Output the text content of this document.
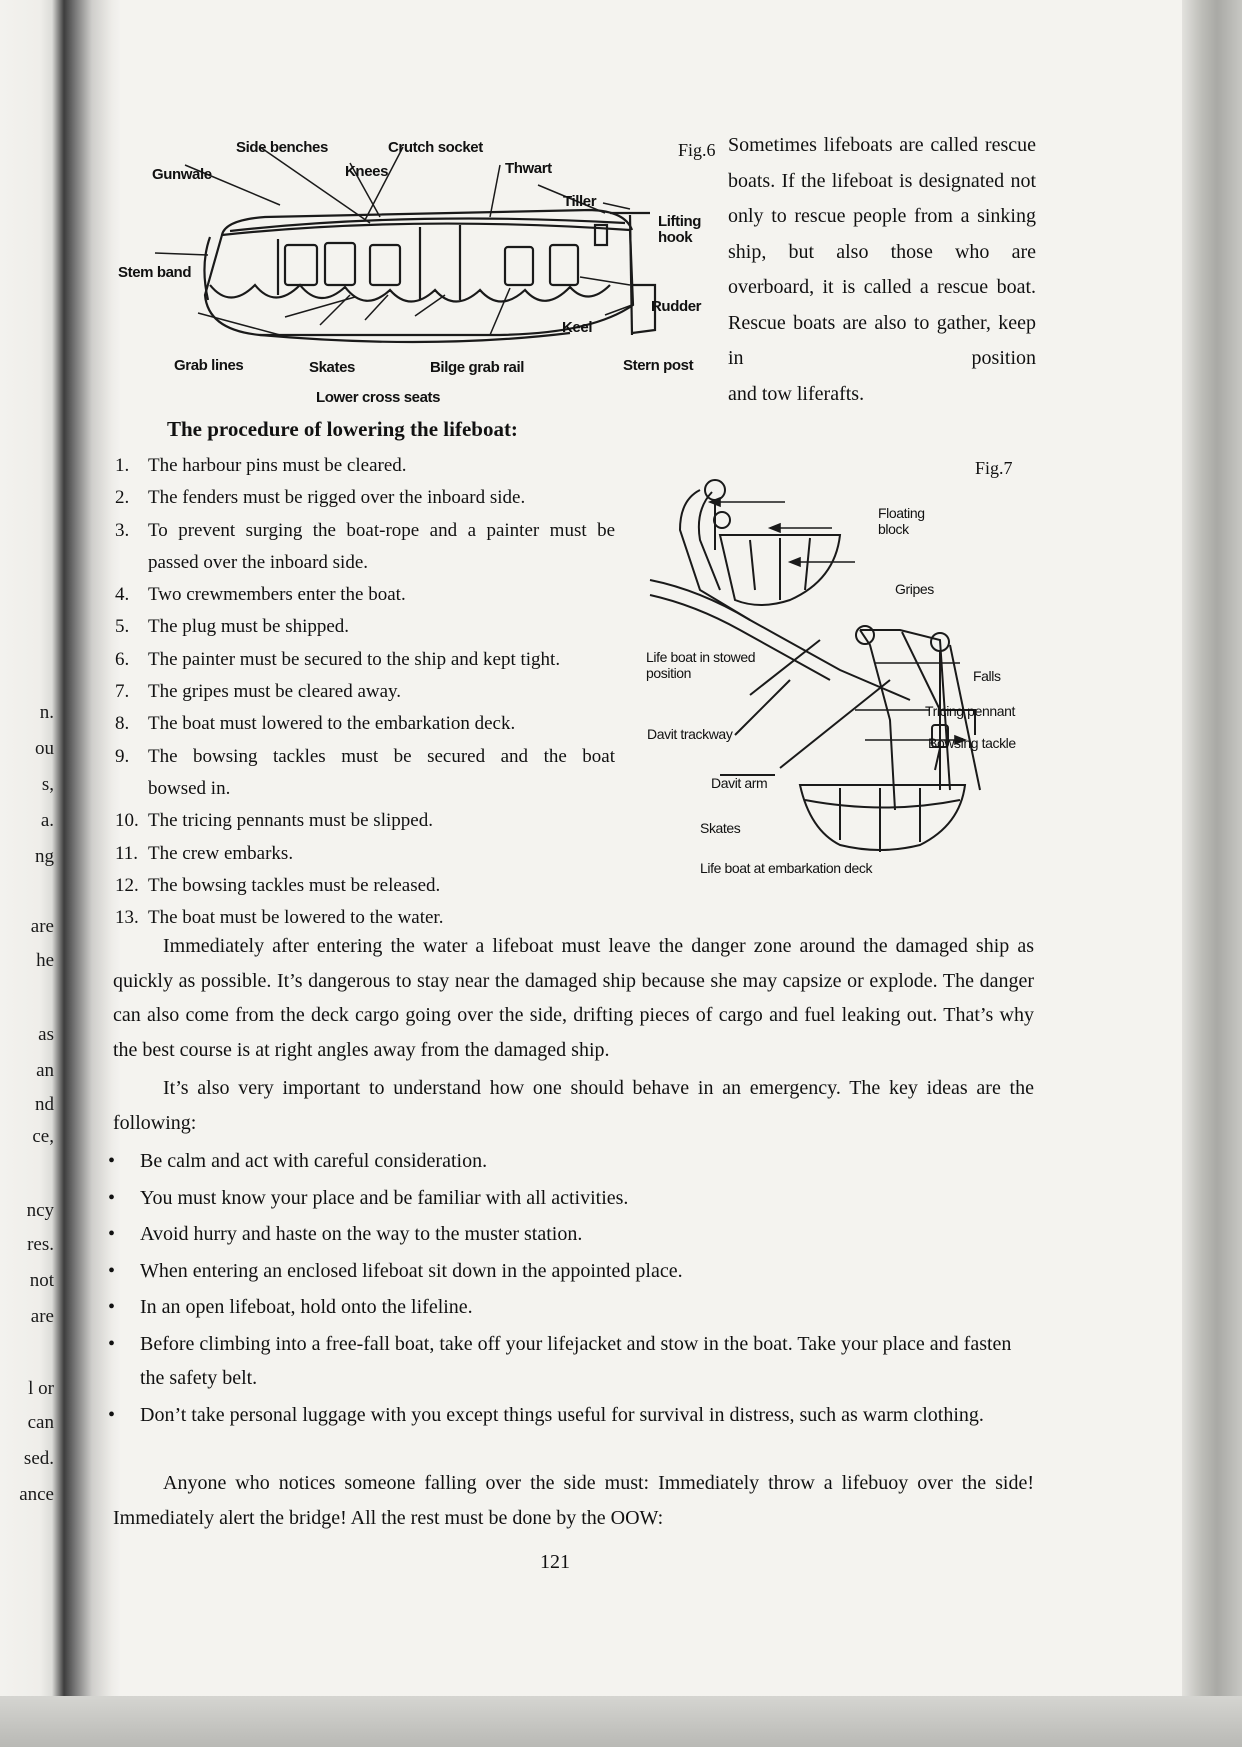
n.
ou
s,
a.
ng
are
he
as
an
nd
ce,
ncy
res.
not
are
l or
can
sed.
ance
Side benches	Crutch socket
Gunwale	Knees	Thwart
Tiller
Lifting hook
Stem band
Rudder
Keel
Grab lines	Skates	Bilge grab rail	Stern post
Lower cross seats
Fig.6 Sometimes lifeboats are called rescue boats. If the lifeboat is designated not only to rescue people from a sinking ship, but also those who are overboard, it is called a rescue boat. Rescue boats are also to gather, keep in position
and tow liferafts.
The procedure of lowering the lifeboat:
1. The harbour pins must be cleared.
2. The fenders must be rigged over the inboard side.
3. To prevent surging the boat-rope and a painter must be
passed over the inboard side.
4. Two crewmembers enter the boat.
5. The plug must be shipped.
6. The painter must be secured to the ship and kept tight.
7. The gripes must be cleared away.
8. The boat must lowered to the embarkation deck.
9. The bowsing tackles must be secured and the boat
bowsed in.
10. The tricing pennants must be slipped.
11. The crew embarks.
12. The bowsing tackles must be released.
13. The boat must be lowered to the water.
Fig.7
Floating block
Gripes
Life boat in stowed position	Falls
Tricing pennant
Davit trackway
Bowsing tackle
Davit arm
Skates
Life boat at embarkation deck
Immediately after entering the water a lifeboat must leave the danger zone around the damaged ship as quickly as possible. It’s dangerous to stay near the damaged ship because she may capsize or explode. The danger can also come from the deck cargo going over the side, drifting pieces of cargo and fuel leaking out. That’s why the best course is at right angles away from the damaged ship.
It’s also very important to understand how one should behave in an emergency. The key ideas are the following:
• Be calm and act with careful consideration.
• You must know your place and be familiar with all activities.
• Avoid hurry and haste on the way to the muster station.
• When entering an enclosed lifeboat sit down in the appointed place.
• In an open lifeboat, hold onto the lifeline.
• Before climbing into a free-fall boat, take off your lifejacket and stow in the boat. Take your place and fasten the safety belt.
• Don’t take personal luggage with you except things useful for survival in distress, such as warm clothing.
Anyone who notices someone falling over the side must: Immediately throw a lifebuoy over the side! Immediately alert the bridge! All the rest must be done by the OOW:
121
